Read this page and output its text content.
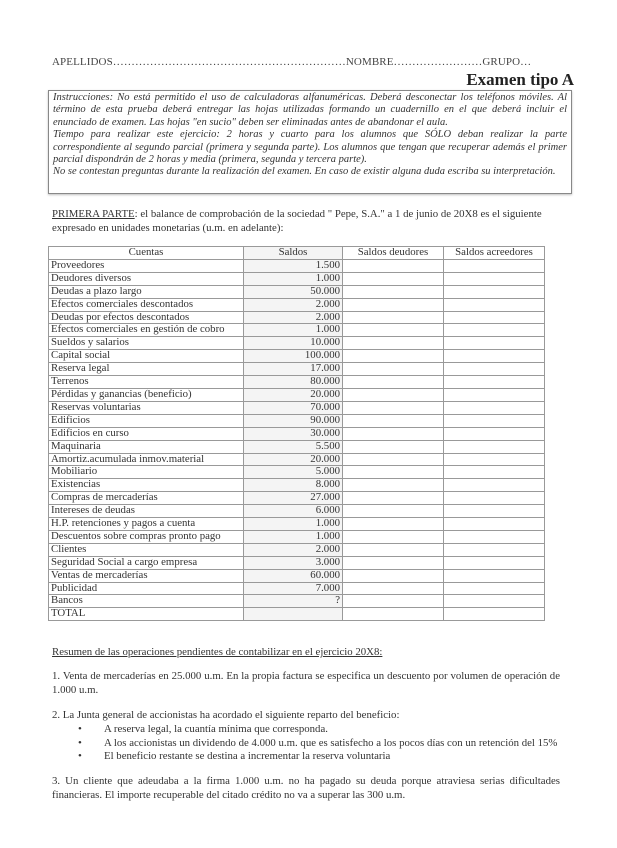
APELLIDOS………………………………………………………NOMBRE……………………GRUPO…
Examen tipo A

Instrucciones: No está permitido el uso de calculadoras alfanuméricas. Deberá desconectar los teléfonos móviles. Al término de esta prueba deberá entregar las hojas utilizadas formando un cuadernillo en el que deberá incluir el enunciado de examen. Las hojas "en sucio" deben ser eliminadas antes de abandonar el aula.

Tiempo para realizar este ejercicio: 2 horas y cuarto para los alumnos que SÓLO deban realizar la parte correspondiente al segundo parcial (primera y segunda parte). Los alumnos que tengan que recuperar además el primer parcial dispondrán de 2 horas y media (primera, segunda y tercera parte).

No se contestan preguntas durante la realización del examen. En caso de existir alguna duda escriba su interpretación.

PRIMERA PARTE: el balance de comprobación de la sociedad " Pepe, S.A." a 1 de junio de 20X8 es el siguiente expresado en unidades monetarias (u.m. en adelante):
Cuentas	Saldos	Saldos deudores	Saldos acreedores
Proveedores	1.500		
Deudores diversos	1.000		
Deudas a plazo largo	50.000		
Efectos comerciales descontados	2.000		
Deudas por efectos descontados	2.000		
Efectos comerciales en gestión de cobro	1.000		
Sueldos y salarios	10.000		
Capital social	100.000		
Reserva legal	17.000		
Terrenos	80.000		
Pérdidas y ganancias (beneficio)	20.000		
Reservas voluntarias	70.000		
Edificios	90.000		
Edificios en curso	30.000		
Maquinaria	5.500		
Amortiz.acumulada inmov.material	20.000		
Mobiliario	5.000		
Existencias	8.000		
Compras de mercaderías	27.000		
Intereses de deudas	6.000		
H.P. retenciones y pagos a cuenta	1.000		
Descuentos sobre compras pronto pago	1.000		
Clientes	2.000		
Seguridad Social a cargo empresa	3.000		
Ventas de mercaderías	60.000		
Publicidad	7.000		
Bancos	?		
TOTAL			
Resumen de las operaciones pendientes de contabilizar en el ejercicio 20X8:
1. Venta de mercaderías en 25.000 u.m. En la propia factura se especifica un descuento por volumen de operación de 1.000 u.m.
2. La Junta general de accionistas ha acordado el siguiente reparto del beneficio:
• A reserva legal, la cuantía mínima que corresponda.
• A los accionistas un dividendo de 4.000 u.m. que es satisfecho a los pocos días con un retención del 15%
• El beneficio restante se destina a incrementar la reserva voluntaria
3. Un cliente que adeudaba a la firma 1.000 u.m. no ha pagado su deuda porque atraviesa serias dificultades financieras. El importe recuperable del citado crédito no va a superar las 300 u.m.
